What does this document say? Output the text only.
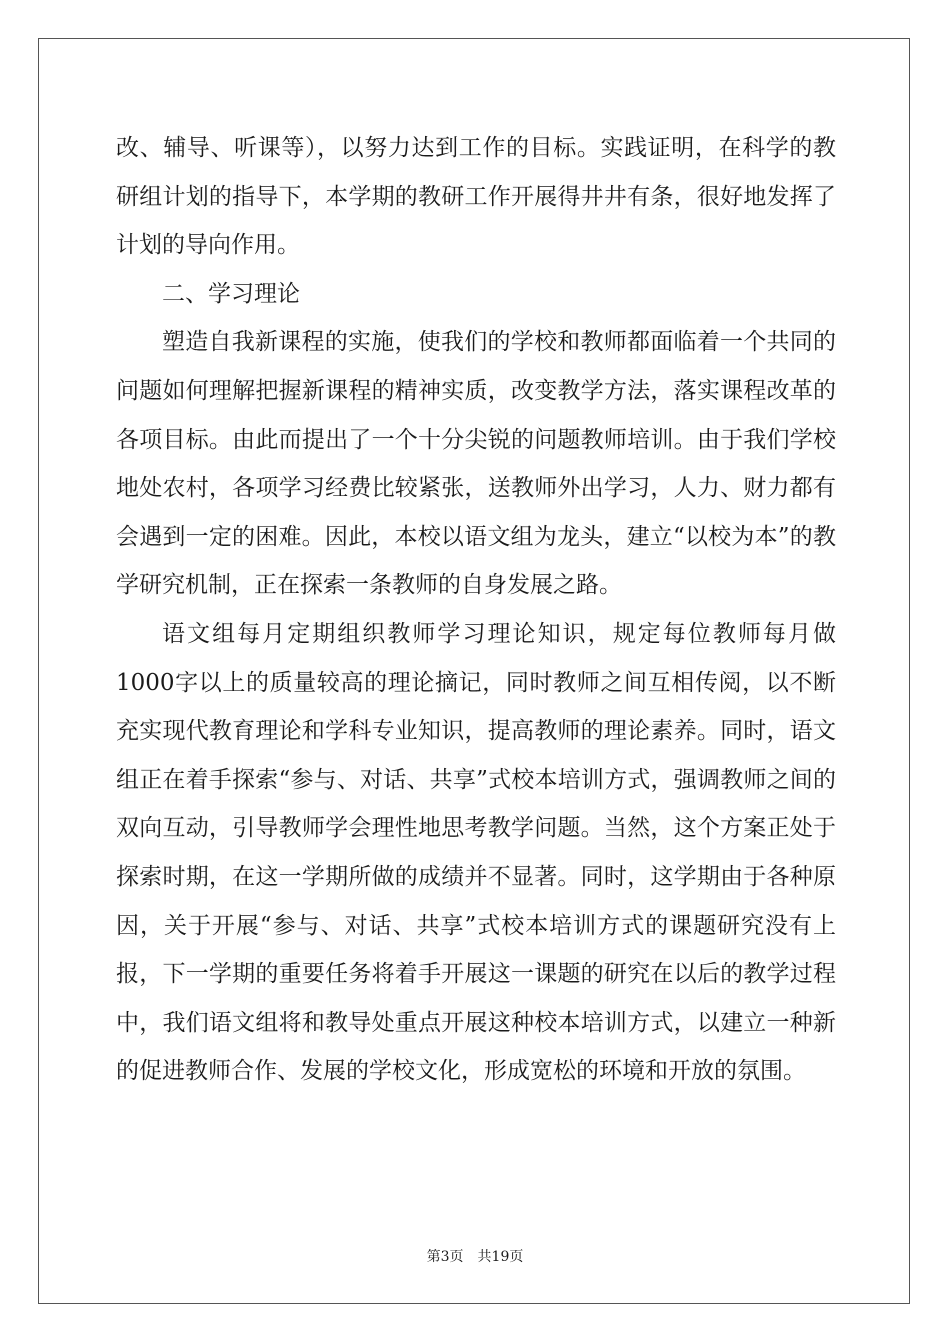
改、辅导、听课等），以努力达到工作的目标。实践证明，在科学的教研组计划的指导下，本学期的教研工作开展得井井有条，很好地发挥了计划的导向作用。

二、学习理论

塑造自我新课程的实施，使我们的学校和教师都面临着一个共同的问题如何理解把握新课程的精神实质，改变教学方法，落实课程改革的各项目标。由此而提出了一个十分尖锐的问题教师培训。由于我们学校地处农村，各项学习经费比较紧张，送教师外出学习，人力、财力都有会遇到一定的困难。因此，本校以语文组为龙头，建立“以校为本”的教学研究机制，正在探索一条教师的自身发展之路。

语文组每月定期组织教师学习理论知识，规定每位教师每月做1000字以上的质量较高的理论摘记，同时教师之间互相传阅，以不断充实现代教育理论和学科专业知识，提高教师的理论素养。同时，语文组正在着手探索“参与、对话、共享”式校本培训方式，强调教师之间的双向互动，引导教师学会理性地思考教学问题。当然，这个方案正处于探索时期，在这一学期所做的成绩并不显著。同时，这学期由于各种原因，关于开展“参与、对话、共享”式校本培训方式的课题研究没有上报，下一学期的重要任务将着手开展这一课题的研究在以后的教学过程中，我们语文组将和教导处重点开展这种校本培训方式，以建立一种新的促进教师合作、发展的学校文化，形成宽松的环境和开放的氛围。

第3页　共19页
